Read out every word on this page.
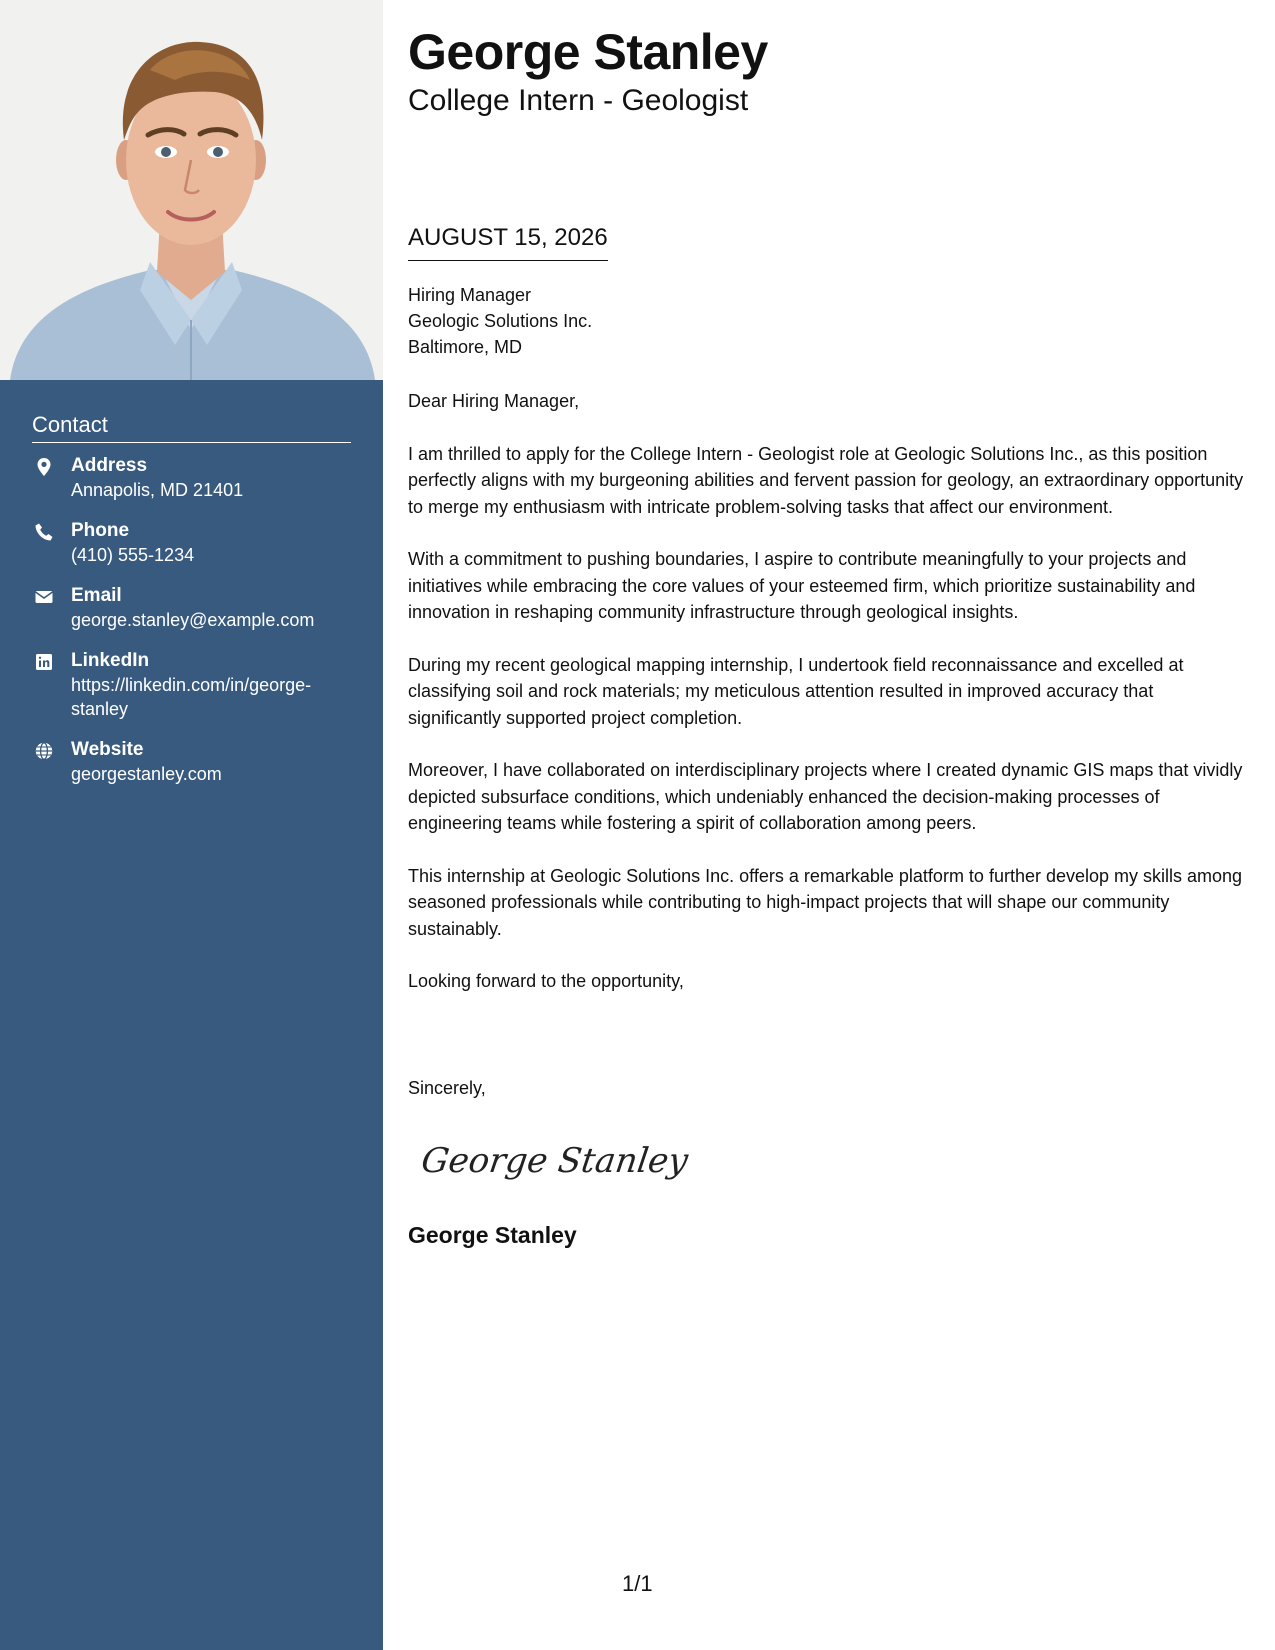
Contact
Address
Annapolis, MD 21401
Phone
(410) 555-1234
Email
george.stanley@example.com
LinkedIn
https://linkedin.com/in/george-stanley
Website
georgestanley.com
George Stanley
College Intern - Geologist
AUGUST 15, 2026
Hiring Manager
Geologic Solutions Inc.
Baltimore, MD

Dear Hiring Manager,

I am thrilled to apply for the College Intern - Geologist role at Geologic Solutions Inc., as this position perfectly aligns with my burgeoning abilities and fervent passion for geology, an extraordinary opportunity to merge my enthusiasm with intricate problem-solving tasks that affect our environment.

With a commitment to pushing boundaries, I aspire to contribute meaningfully to your projects and initiatives while embracing the core values of your esteemed firm, which prioritize sustainability and innovation in reshaping community infrastructure through geological insights.

During my recent geological mapping internship, I undertook field reconnaissance and excelled at classifying soil and rock materials; my meticulous attention resulted in improved accuracy that significantly supported project completion.

Moreover, I have collaborated on interdisciplinary projects where I created dynamic GIS maps that vividly depicted subsurface conditions, which undeniably enhanced the decision-making processes of engineering teams while fostering a spirit of collaboration among peers.

This internship at Geologic Solutions Inc. offers a remarkable platform to further develop my skills among seasoned professionals while contributing to high-impact projects that will shape our community sustainably.

Looking forward to the opportunity,

Sincerely,
George Stanley
George Stanley
1/1
